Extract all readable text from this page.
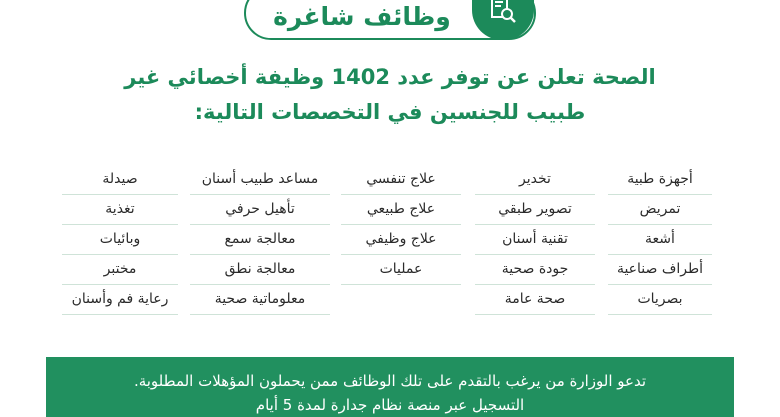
وظائف شاغرة
الصحة تعلن عن توفر عدد 1402 وظيفة أخصائي غير
طبيب للجنسين في التخصصات التالية:
أجهزة طبية
تمريض
أشعة
أطراف صناعية
بصريات
تخدير
تصوير طبقي
تقنية أسنان
جودة صحية
صحة عامة
علاج تنفسي
علاج طبيعي
علاج وظيفي
عمليات
مساعد طبيب أسنان
تأهيل حرفي
معالجة سمع
معالجة نطق
معلوماتية صحية
صيدلة
تغذية
وبائيات
مختبر
رعاية فم وأسنان
تدعو الوزارة من يرغب بالتقدم على تلك الوظائف ممن يحملون المؤهلات المطلوبة.
التسجيل عبر منصة نظام جدارة لمدة 5 أيام
